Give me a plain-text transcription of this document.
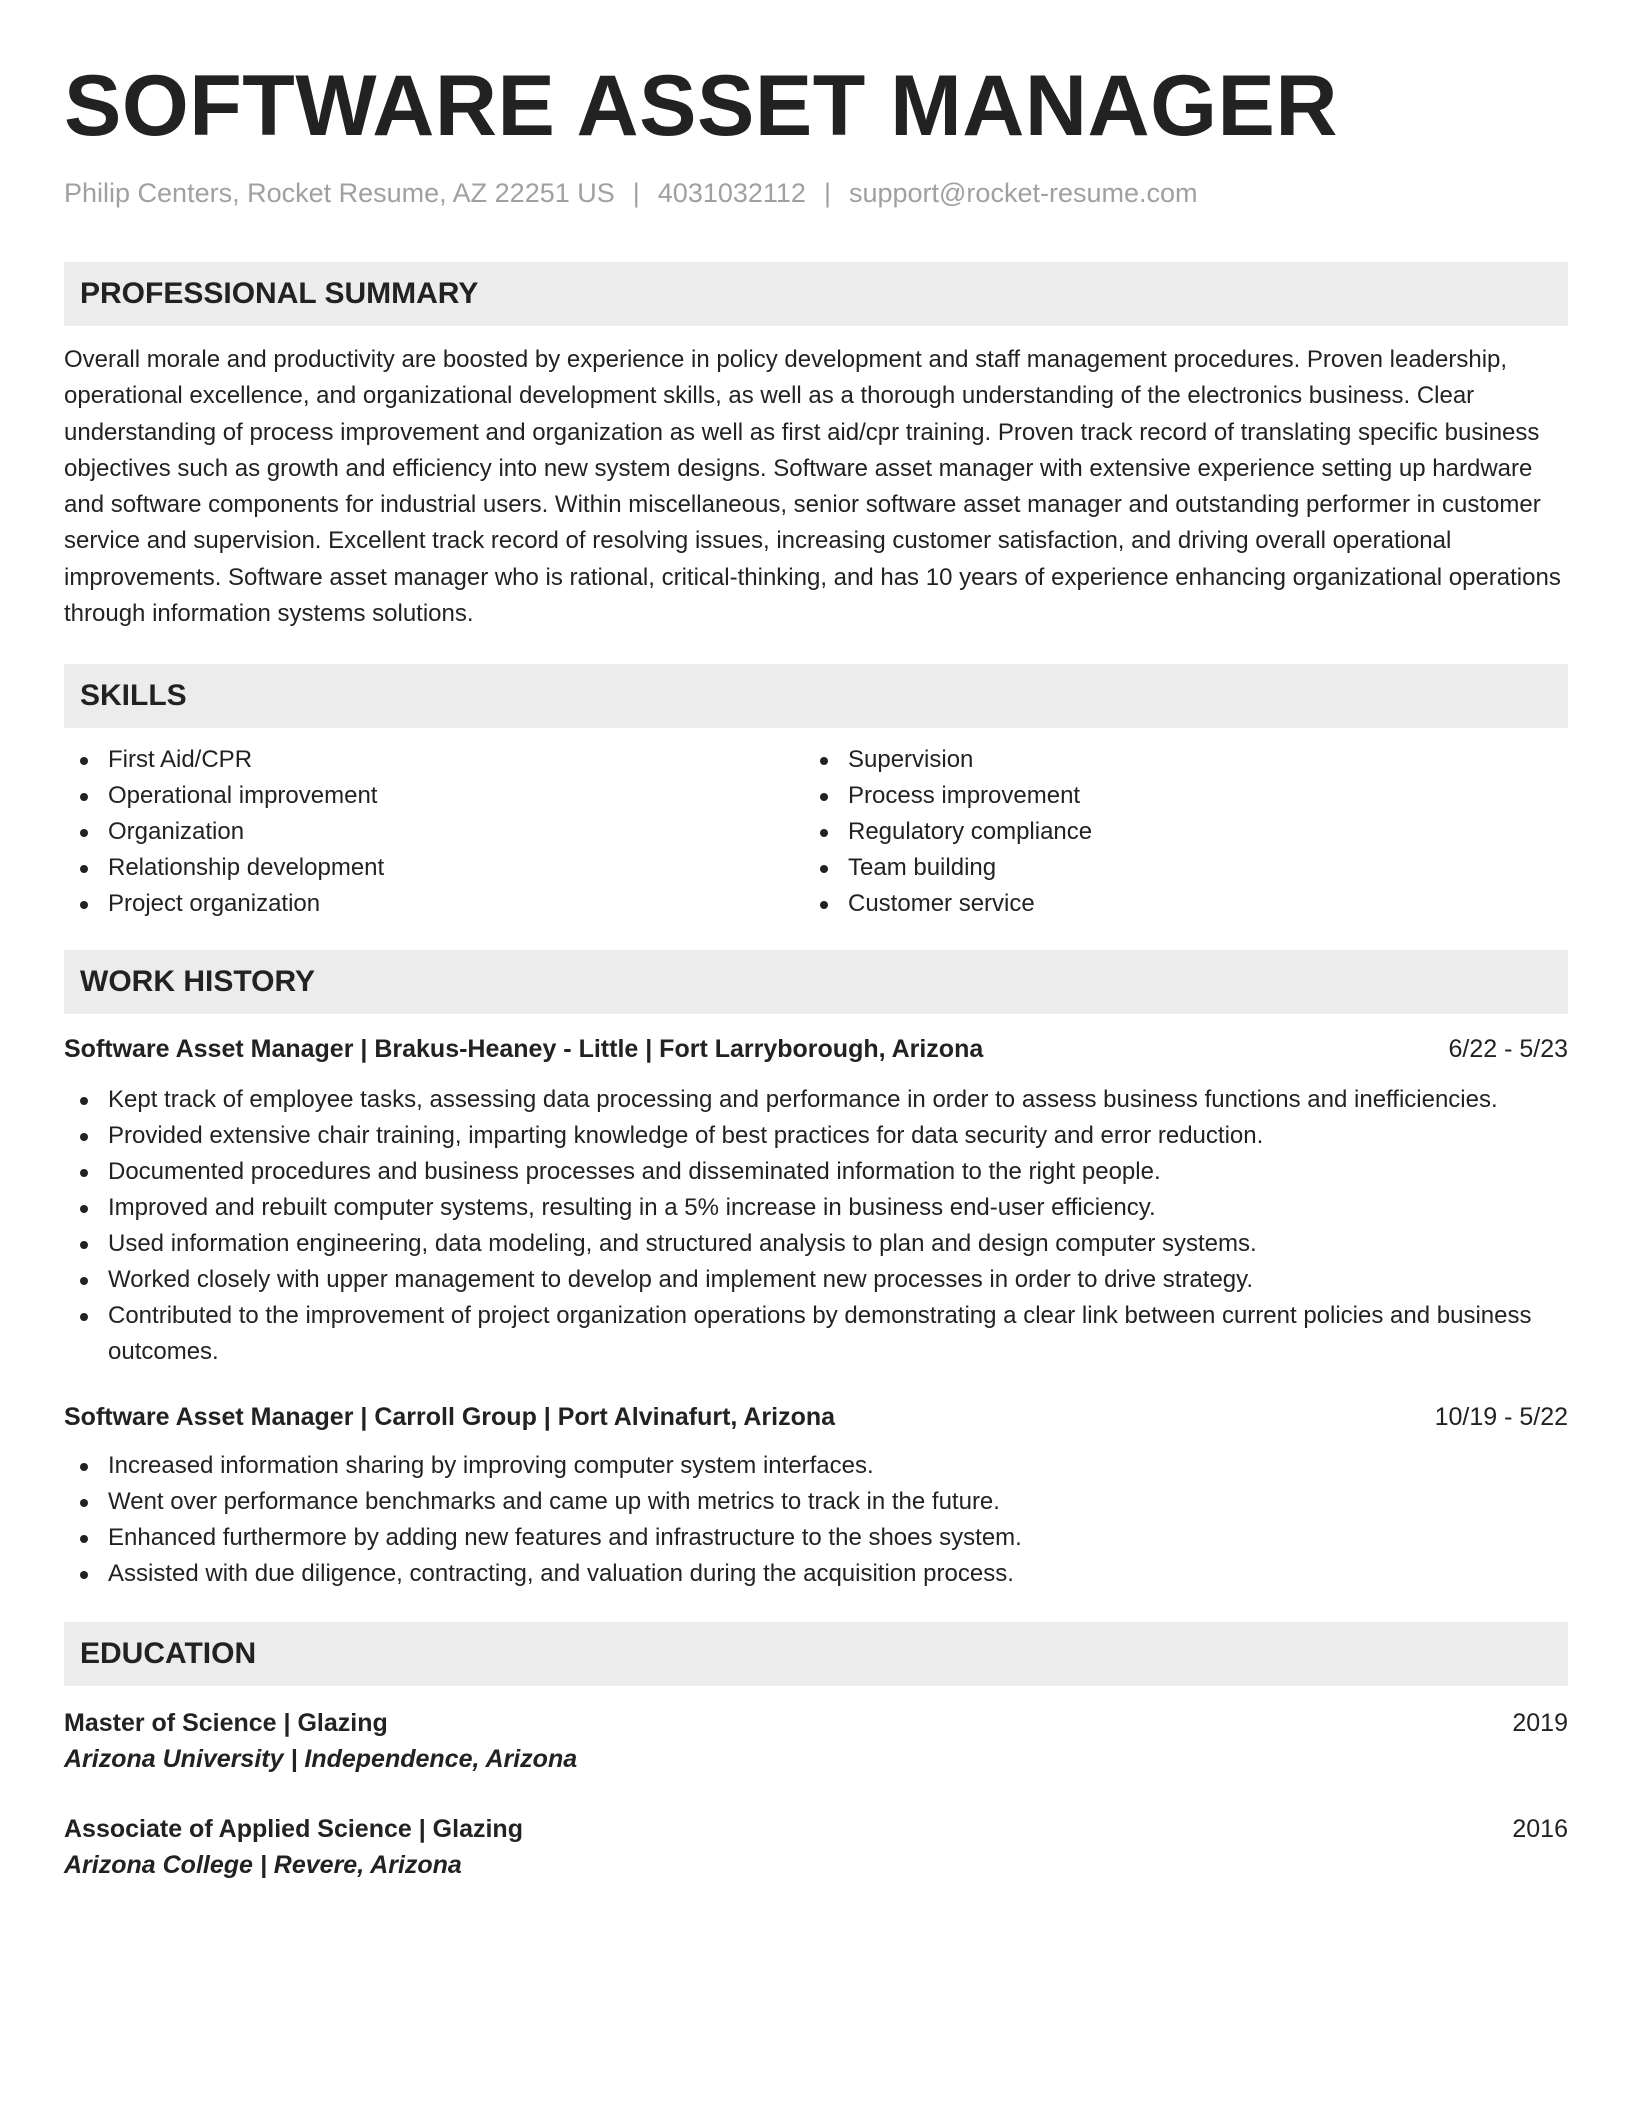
SOFTWARE ASSET MANAGER
Philip Centers, Rocket Resume, AZ 22251 US | 4031032112 | support@rocket-resume.com
PROFESSIONAL SUMMARY

Overall morale and productivity are boosted by experience in policy development and staff management procedures. Proven leadership, operational excellence, and organizational development skills, as well as a thorough understanding of the electronics business. Clear understanding of process improvement and organization as well as first aid/cpr training. Proven track record of translating specific business objectives such as growth and efficiency into new system designs. Software asset manager with extensive experience setting up hardware and software components for industrial users. Within miscellaneous, senior software asset manager and outstanding performer in customer service and supervision. Excellent track record of resolving issues, increasing customer satisfaction, and driving overall operational improvements. Software asset manager who is rational, critical-thinking, and has 10 years of experience enhancing organizational operations through information systems solutions.

SKILLS
First Aid/CPR
Operational improvement
Organization
Relationship development
Project organization
Supervision
Process improvement
Regulatory compliance
Team building
Customer service
WORK HISTORY
Software Asset Manager | Brakus-Heaney - Little | Fort Larryborough, Arizona	6/22 - 5/23
Kept track of employee tasks, assessing data processing and performance in order to assess business functions and inefficiencies.
Provided extensive chair training, imparting knowledge of best practices for data security and error reduction.
Documented procedures and business processes and disseminated information to the right people.
Improved and rebuilt computer systems, resulting in a 5% increase in business end-user efficiency.
Used information engineering, data modeling, and structured analysis to plan and design computer systems.
Worked closely with upper management to develop and implement new processes in order to drive strategy.
Contributed to the improvement of project organization operations by demonstrating a clear link between current policies and business outcomes.
Software Asset Manager | Carroll Group | Port Alvinafurt, Arizona	10/19 - 5/22
Increased information sharing by improving computer system interfaces.
Went over performance benchmarks and came up with metrics to track in the future.
Enhanced furthermore by adding new features and infrastructure to the shoes system.
Assisted with due diligence, contracting, and valuation during the acquisition process.
EDUCATION
Master of Science | Glazing	2019
Arizona University | Independence, Arizona
Associate of Applied Science | Glazing	2016
Arizona College | Revere, Arizona
